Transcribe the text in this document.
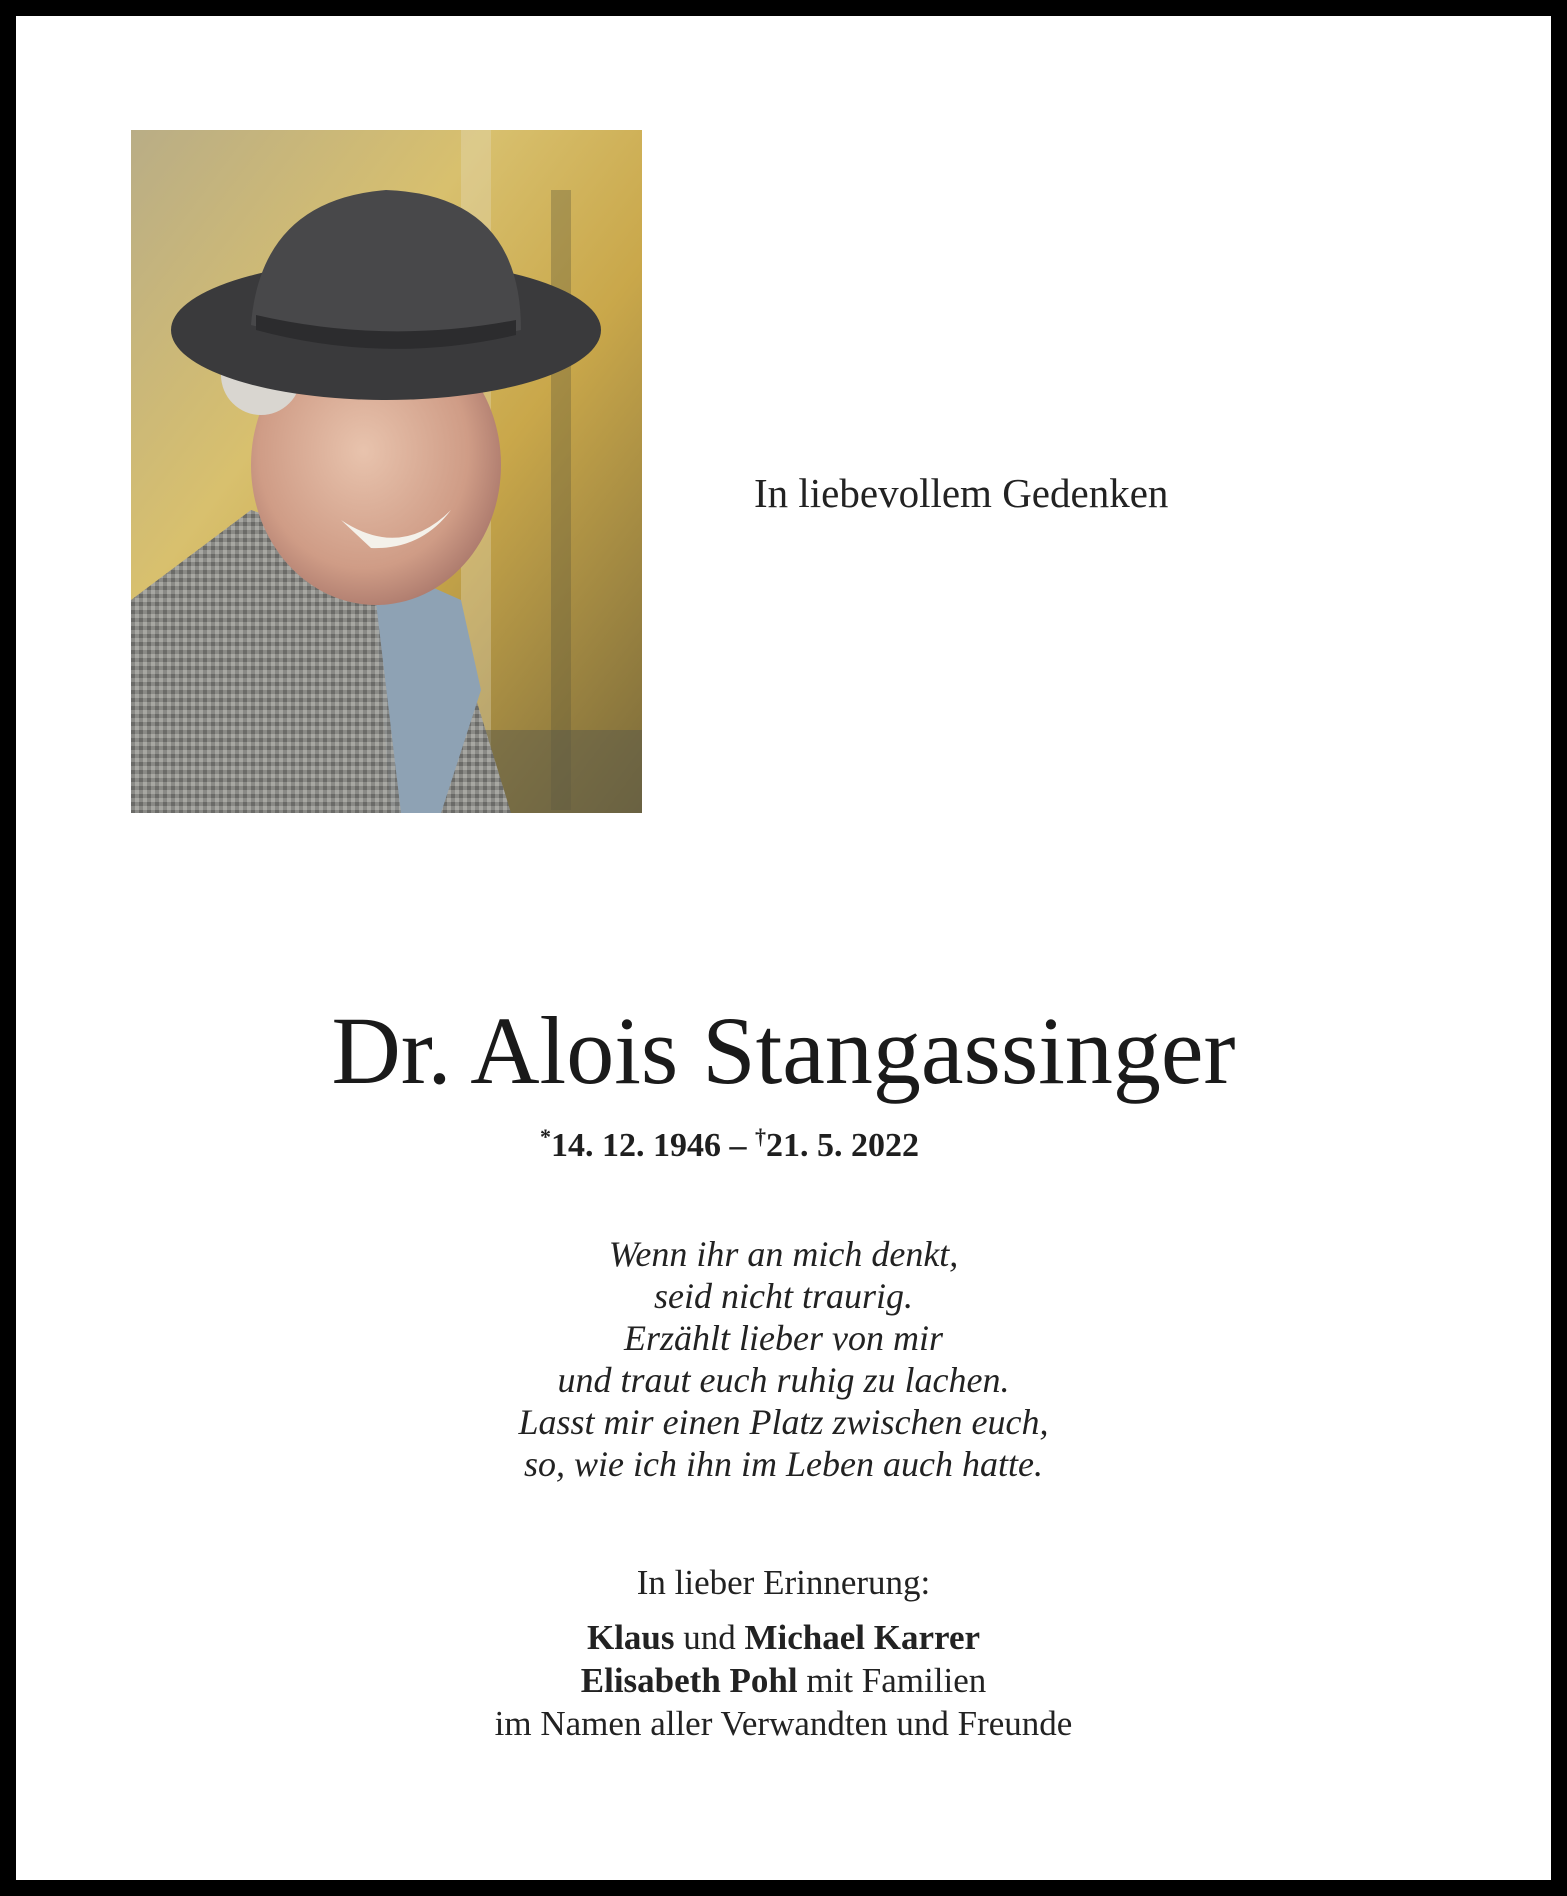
In liebevollem Gedenken
Dr. Alois Stangassinger
*14. 12. 1946 – †21. 5. 2022
Wenn ihr an mich denkt,
seid nicht traurig.
Erzählt lieber von mir
und traut euch ruhig zu lachen.
Lasst mir einen Platz zwischen euch,
so, wie ich ihn im Leben auch hatte.
In lieber Erinnerung:
Klaus und Michael Karrer
Elisabeth Pohl mit Familien
im Namen aller Verwandten und Freunde
